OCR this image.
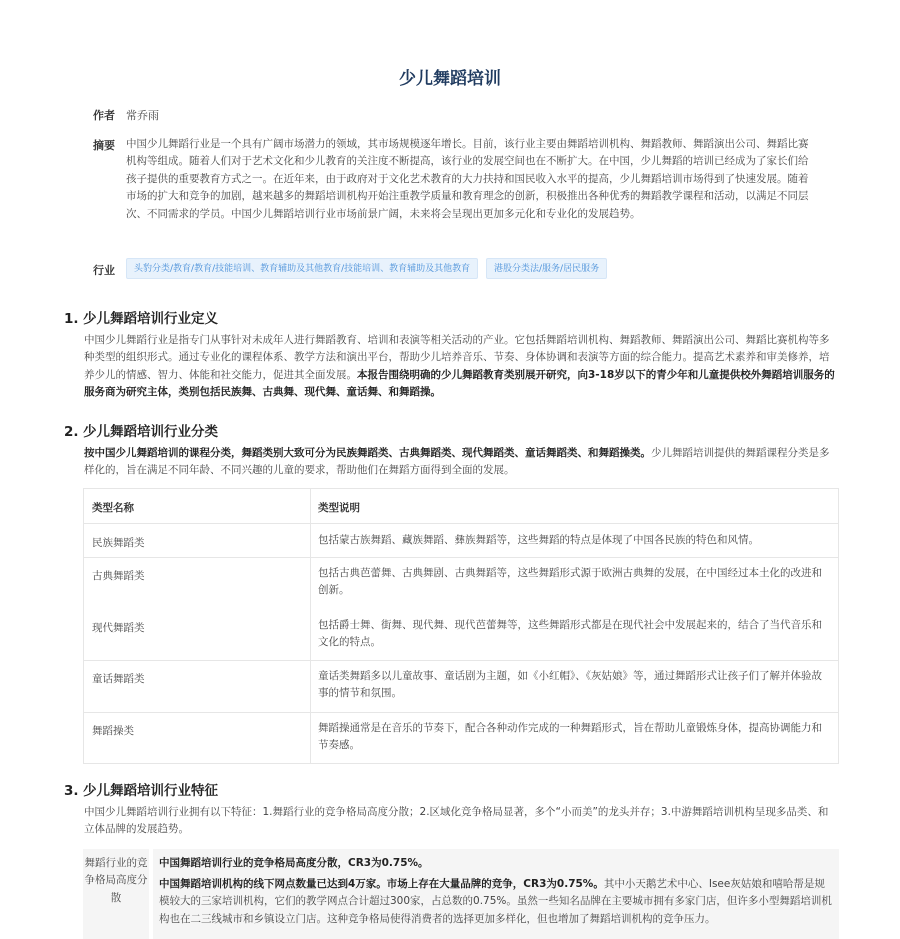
少儿舞蹈培训
作者 常乔雨
摘要 中国少儿舞蹈行业是一个具有广阔市场潜力的领域，其市场规模逐年增长。目前，该行业主要由舞蹈培训机构、舞蹈教师、舞蹈演出公司、舞蹈比赛机构等组成。随着人们对于艺术文化和少儿教育的关注度不断提高，该行业的发展空间也在不断扩大。在中国，少儿舞蹈的培训已经成为了家长们给孩子提供的重要教育方式之一。在近年来，由于政府对于文化艺术教育的大力扶持和国民收入水平的提高，少儿舞蹈培训市场得到了快速发展。随着市场的扩大和竞争的加剧，越来越多的舞蹈培训机构开始注重教学质量和教育理念的创新，积极推出各种优秀的舞蹈教学课程和活动，以满足不同层次、不同需求的学员。中国少儿舞蹈培训行业市场前景广阔，未来将会呈现出更加多元化和专业化的发展趋势。
行业	头豹分类/教育/教育/技能培训、教育辅助及其他教育/技能培训、教育辅助及其他教育	港股分类法/服务/居民服务
1. 少儿舞蹈培训行业定义
中国少儿舞蹈行业是指专门从事针对未成年人进行舞蹈教育、培训和表演等相关活动的产业。它包括舞蹈培训机构、舞蹈教师、舞蹈演出公司、舞蹈比赛机构等多种类型的组织形式。通过专业化的课程体系、教学方法和演出平台，帮助少儿培养音乐、节奏、身体协调和表演等方面的综合能力。提高艺术素养和审美修养，培养少儿的情感、智力、体能和社交能力，促进其全面发展。本报告围绕明确的少儿舞蹈教育类别展开研究，向3-18岁以下的青少年和儿童提供校外舞蹈培训服务的服务商为研究主体，类别包括民族舞、古典舞、现代舞、童话舞、和舞蹈操。
2. 少儿舞蹈培训行业分类
按中国少儿舞蹈培训的课程分类，舞蹈类别大致可分为民族舞蹈类、古典舞蹈类、现代舞蹈类、童话舞蹈类、和舞蹈操类。少儿舞蹈培训提供的舞蹈课程分类是多样化的，旨在满足不同年龄、不同兴趣的儿童的要求，帮助他们在舞蹈方面得到全面的发展。
类型名称	类型说明
民族舞蹈类	包括蒙古族舞蹈、藏族舞蹈、彝族舞蹈等，这些舞蹈的特点是体现了中国各民族的特色和风情。
古典舞蹈类	包括古典芭蕾舞、古典舞剧、古典舞蹈等，这些舞蹈形式源于欧洲古典舞的发展，在中国经过本土化的改进和创新。
现代舞蹈类	包括爵士舞、街舞、现代舞、现代芭蕾舞等，这些舞蹈形式都是在现代社会中发展起来的，结合了当代音乐和文化的特点。
童话舞蹈类	童话类舞蹈多以儿童故事、童话剧为主题，如《小红帽》、《灰姑娘》等，通过舞蹈形式让孩子们了解并体验故事的情节和氛围。
舞蹈操类	舞蹈操通常是在音乐的节奏下，配合各种动作完成的一种舞蹈形式，旨在帮助儿童锻炼身体，提高协调能力和节奏感。
3. 少儿舞蹈培训行业特征
中国少儿舞蹈培训行业拥有以下特征：1.舞蹈行业的竞争格局高度分散；2.区域化竞争格局显著，多个“小而美”的龙头并存；3.中游舞蹈培训机构呈现多品类、和立体品牌的发展趋势。
舞蹈行业的竞争格局高度分散
中国舞蹈培训行业的竞争格局高度分散，CR3为0.75%。
中国舞蹈培训机构的线下网点数量已达到4万家。市场上存在大量品牌的竞争，CR3为0.75%。其中小天鹅艺术中心、Isee灰姑娘和嘻哈帮是规模较大的三家培训机构，它们的教学网点合计超过300家，占总数的0.75%。虽然一些知名品牌在主要城市拥有多家门店，但许多小型舞蹈培训机构也在二三线城市和乡镇设立门店。这种竞争格局使得消费者的选择更加多样化，但也增加了舞蹈培训机构的竞争压力。
